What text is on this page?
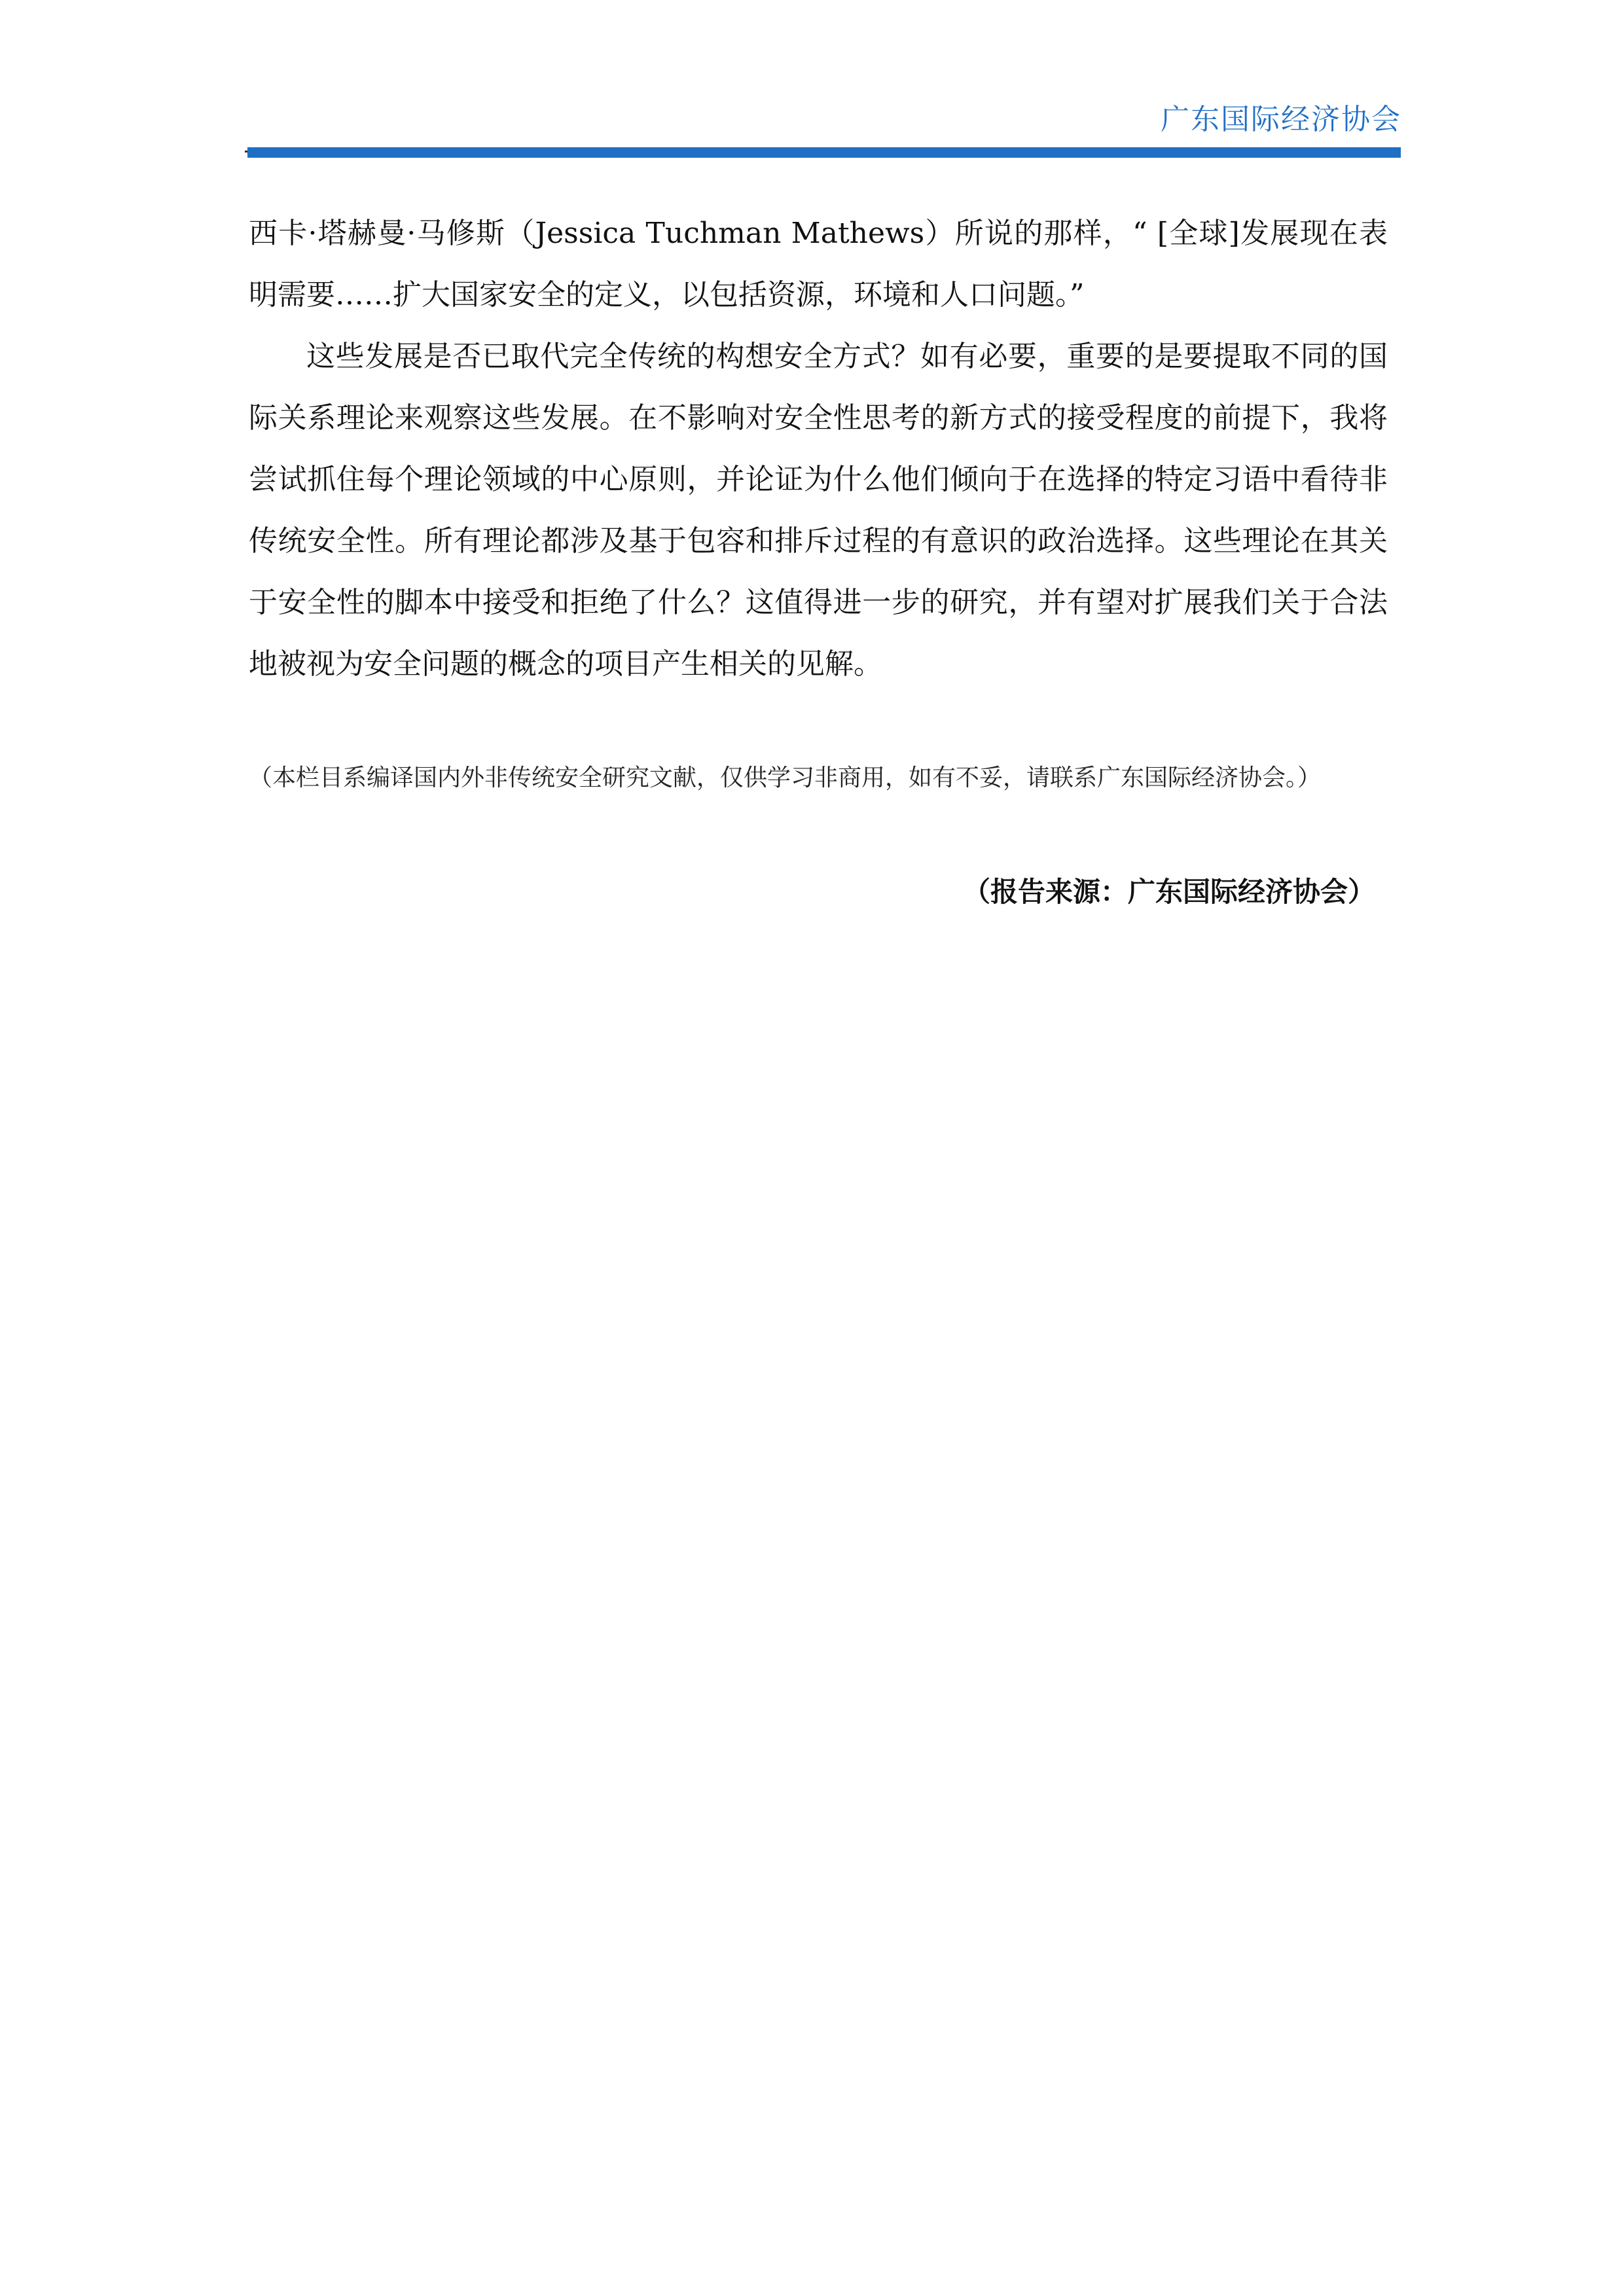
广东国际经济协会

西卡·塔赫曼·马修斯（Jessica Tuchman Mathews）所说的那样，“ [全球]发展现在表明需要……扩大国家安全的定义，以包括资源，环境和人口问题。”

这些发展是否已取代完全传统的构想安全方式？如有必要，重要的是要提取不同的国际关系理论来观察这些发展。在不影响对安全性思考的新方式的接受程度的前提下，我将尝试抓住每个理论领域的中心原则，并论证为什么他们倾向于在选择的特定习语中看待非传统安全性。所有理论都涉及基于包容和排斥过程的有意识的政治选择。这些理论在其关于安全性的脚本中接受和拒绝了什么？这值得进一步的研究，并有望对扩展我们关于合法地被视为安全问题的概念的项目产生相关的见解。

（本栏目系编译国内外非传统安全研究文献，仅供学习非商用，如有不妥，请联系广东国际经济协会。）
（报告来源：广东国际经济协会）
